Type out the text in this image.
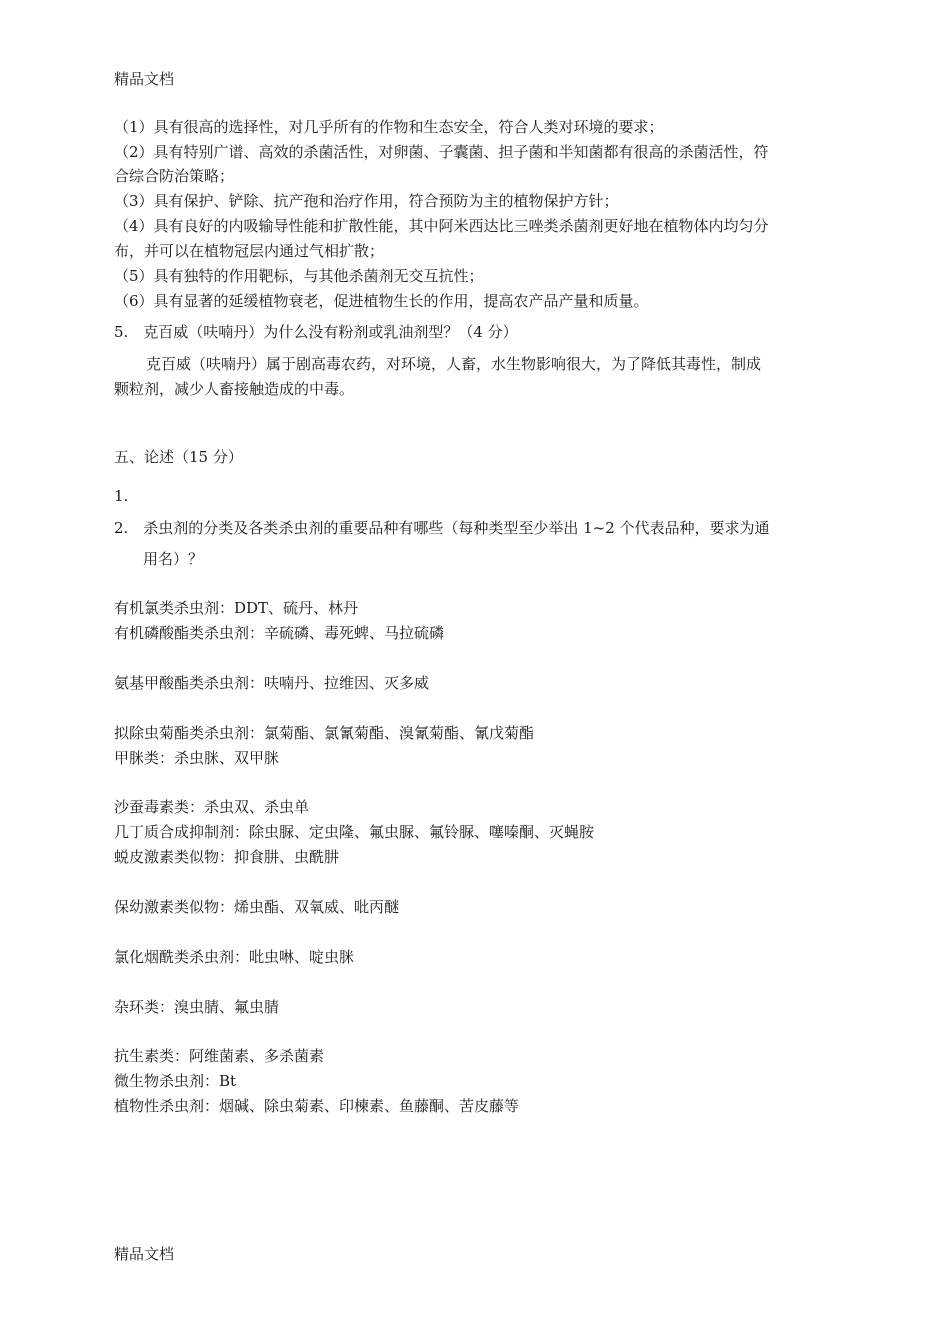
精品文档
（1）具有很高的选择性，对几乎所有的作物和生态安全，符合人类对环境的要求；
（2）具有特别广谱、高效的杀菌活性，对卵菌、子囊菌、担子菌和半知菌都有很高的杀菌活性，符
合综合防治策略；
（3）具有保护、铲除、抗产孢和治疗作用，符合预防为主的植物保护方针；
（4）具有良好的内吸输导性能和扩散性能，其中阿米西达比三唑类杀菌剂更好地在植物体内均匀分
布，并可以在植物冠层内通过气相扩散；
（5）具有独特的作用靶标，与其他杀菌剂无交互抗性；
（6）具有显著的延缓植物衰老，促进植物生长的作用，提高农产品产量和质量。
5.　克百威（呋喃丹）为什么没有粉剂或乳油剂型？（4 分）
克百威（呋喃丹）属于剧高毒农药，对环境，人畜，水生物影响很大，为了降低其毒性，制成
颗粒剂，减少人畜接触造成的中毒。
五、论述（15 分）
1.
2.　杀虫剂的分类及各类杀虫剂的重要品种有哪些（每种类型至少举出 1~2 个代表品种，要求为通
用名）？
有机氯类杀虫剂：DDT、硫丹、林丹
有机磷酸酯类杀虫剂：辛硫磷、毒死蜱、马拉硫磷
氨基甲酸酯类杀虫剂：呋喃丹、拉维因、灭多威
拟除虫菊酯类杀虫剂：氯菊酯、氯氰菊酯、溴氰菊酯、氰戊菊酯
甲脒类：杀虫脒、双甲脒
沙蚕毒素类：杀虫双、杀虫单
几丁质合成抑制剂：除虫脲、定虫隆、氟虫脲、氟铃脲、噻嗪酮、灭蝇胺
蜕皮激素类似物：抑食肼、虫酰肼
保幼激素类似物：烯虫酯、双氧威、吡丙醚
氯化烟酰类杀虫剂：吡虫啉、啶虫脒
杂环类：溴虫腈、氟虫腈
抗生素类：阿维菌素、多杀菌素
微生物杀虫剂：Bt
植物性杀虫剂：烟碱、除虫菊素、印楝素、鱼藤酮、苦皮藤等
精品文档
